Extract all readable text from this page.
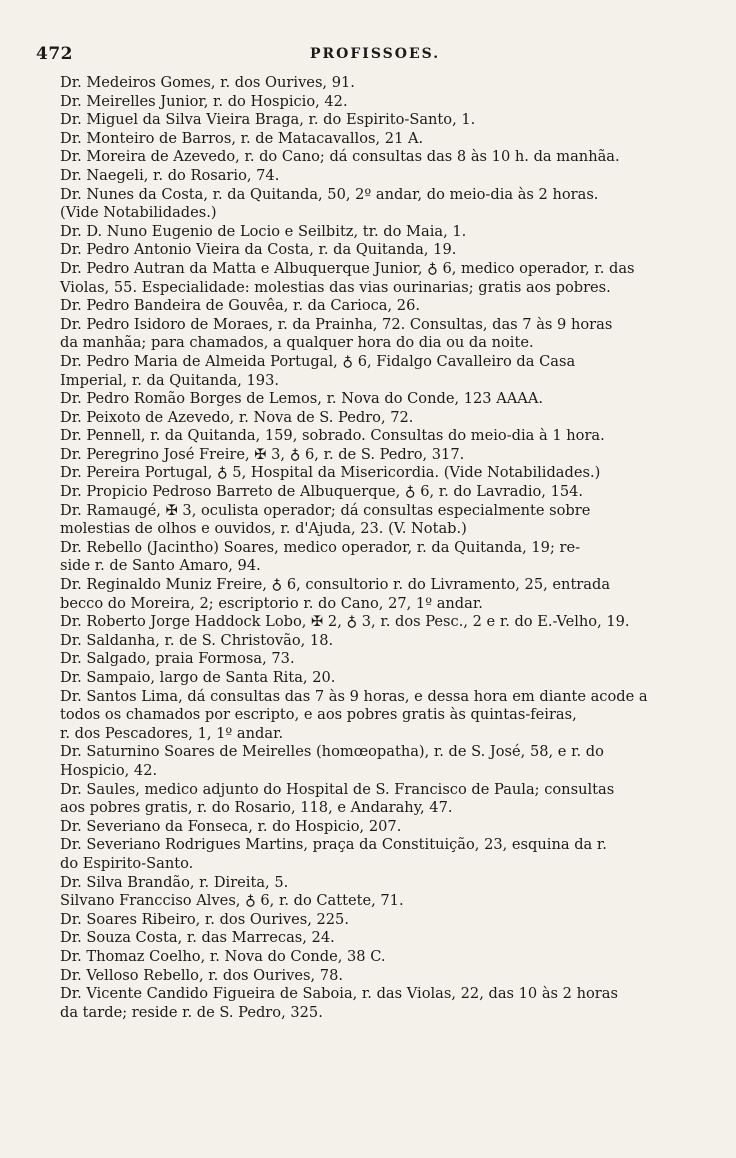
472	PROFISSOES.

Dr. Medeiros Gomes, r. dos Ourives, 91.

Dr. Meirelles Junior, r. do Hospicio, 42.

Dr. Miguel da Silva Vieira Braga, r. do Espirito-Santo, 1.

Dr. Monteiro de Barros, r. de Matacavallos, 21 A.

Dr. Moreira de Azevedo, r. do Cano; dá consultas das 8 às 10 h. da manhãa.

Dr. Naegeli, r. do Rosario, 74.

Dr. Nunes da Costa, r. da Quitanda, 50, 2º andar, do meio-dia às 2 horas.
(Vide Notabilidades.)

Dr. D. Nuno Eugenio de Locio e Seilbitz, tr. do Maia, 1.

Dr. Pedro Antonio Vieira da Costa, r. da Quitanda, 19.

Dr. Pedro Autran da Matta e Albuquerque Junior, ♁ 6, medico operador, r. das
Violas, 55. Especialidade: molestias das vias ourinarias; gratis aos pobres.

Dr. Pedro Bandeira de Gouvêa, r. da Carioca, 26.

Dr. Pedro Isidoro de Moraes, r. da Prainha, 72. Consultas, das 7 às 9 horas
da manhãa; para chamados, a qualquer hora do dia ou da noite.

Dr. Pedro Maria de Almeida Portugal, ♁ 6, Fidalgo Cavalleiro da Casa
Imperial, r. da Quitanda, 193.

Dr. Pedro Romão Borges de Lemos, r. Nova do Conde, 123 AAAA.

Dr. Peixoto de Azevedo, r. Nova de S. Pedro, 72.

Dr. Pennell, r. da Quitanda, 159, sobrado. Consultas do meio-dia à 1 hora.

Dr. Peregrino José Freire, ✠ 3, ♁ 6, r. de S. Pedro, 317.

Dr. Pereira Portugal, ♁ 5, Hospital da Misericordia. (Vide Notabilidades.)

Dr. Propicio Pedroso Barreto de Albuquerque, ♁ 6, r. do Lavradio, 154.

Dr. Ramaugé, ✠ 3, oculista operador; dá consultas especialmente sobre
molestias de olhos e ouvidos, r. d'Ajuda, 23. (V. Notab.)

Dr. Rebello (Jacintho) Soares, medico operador, r. da Quitanda, 19; re-
side r. de Santo Amaro, 94.

Dr. Reginaldo Muniz Freire, ♁ 6, consultorio r. do Livramento, 25, entrada
becco do Moreira, 2; escriptorio r. do Cano, 27, 1º andar.

Dr. Roberto Jorge Haddock Lobo, ✠ 2, ♁ 3, r. dos Pesc., 2 e r. do E.-Velho, 19.

Dr. Saldanha, r. de S. Christovão, 18.

Dr. Salgado, praia Formosa, 73.

Dr. Sampaio, largo de Santa Rita, 20.

Dr. Santos Lima, dá consultas das 7 às 9 horas, e dessa hora em diante acode a
todos os chamados por escripto, e aos pobres gratis às quintas-feiras,
r. dos Pescadores, 1, 1º andar.

Dr. Saturnino Soares de Meirelles (homœopatha), r. de S. José, 58, e r. do
Hospicio, 42.

Dr. Saules, medico adjunto do Hospital de S. Francisco de Paula; consultas
aos pobres gratis, r. do Rosario, 118, e Andarahy, 47.

Dr. Severiano da Fonseca, r. do Hospicio, 207.

Dr. Severiano Rodrigues Martins, praça da Constituição, 23, esquina da r.
do Espirito-Santo.

Dr. Silva Brandão, r. Direita, 5.

Silvano Francciso Alves, ♁ 6, r. do Cattete, 71.

Dr. Soares Ribeiro, r. dos Ourives, 225.

Dr. Souza Costa, r. das Marrecas, 24.

Dr. Thomaz Coelho, r. Nova do Conde, 38 C.

Dr. Velloso Rebello, r. dos Ourives, 78.

Dr. Vicente Candido Figueira de Saboia, r. das Violas, 22, das 10 às 2 horas
da tarde; reside r. de S. Pedro, 325.
